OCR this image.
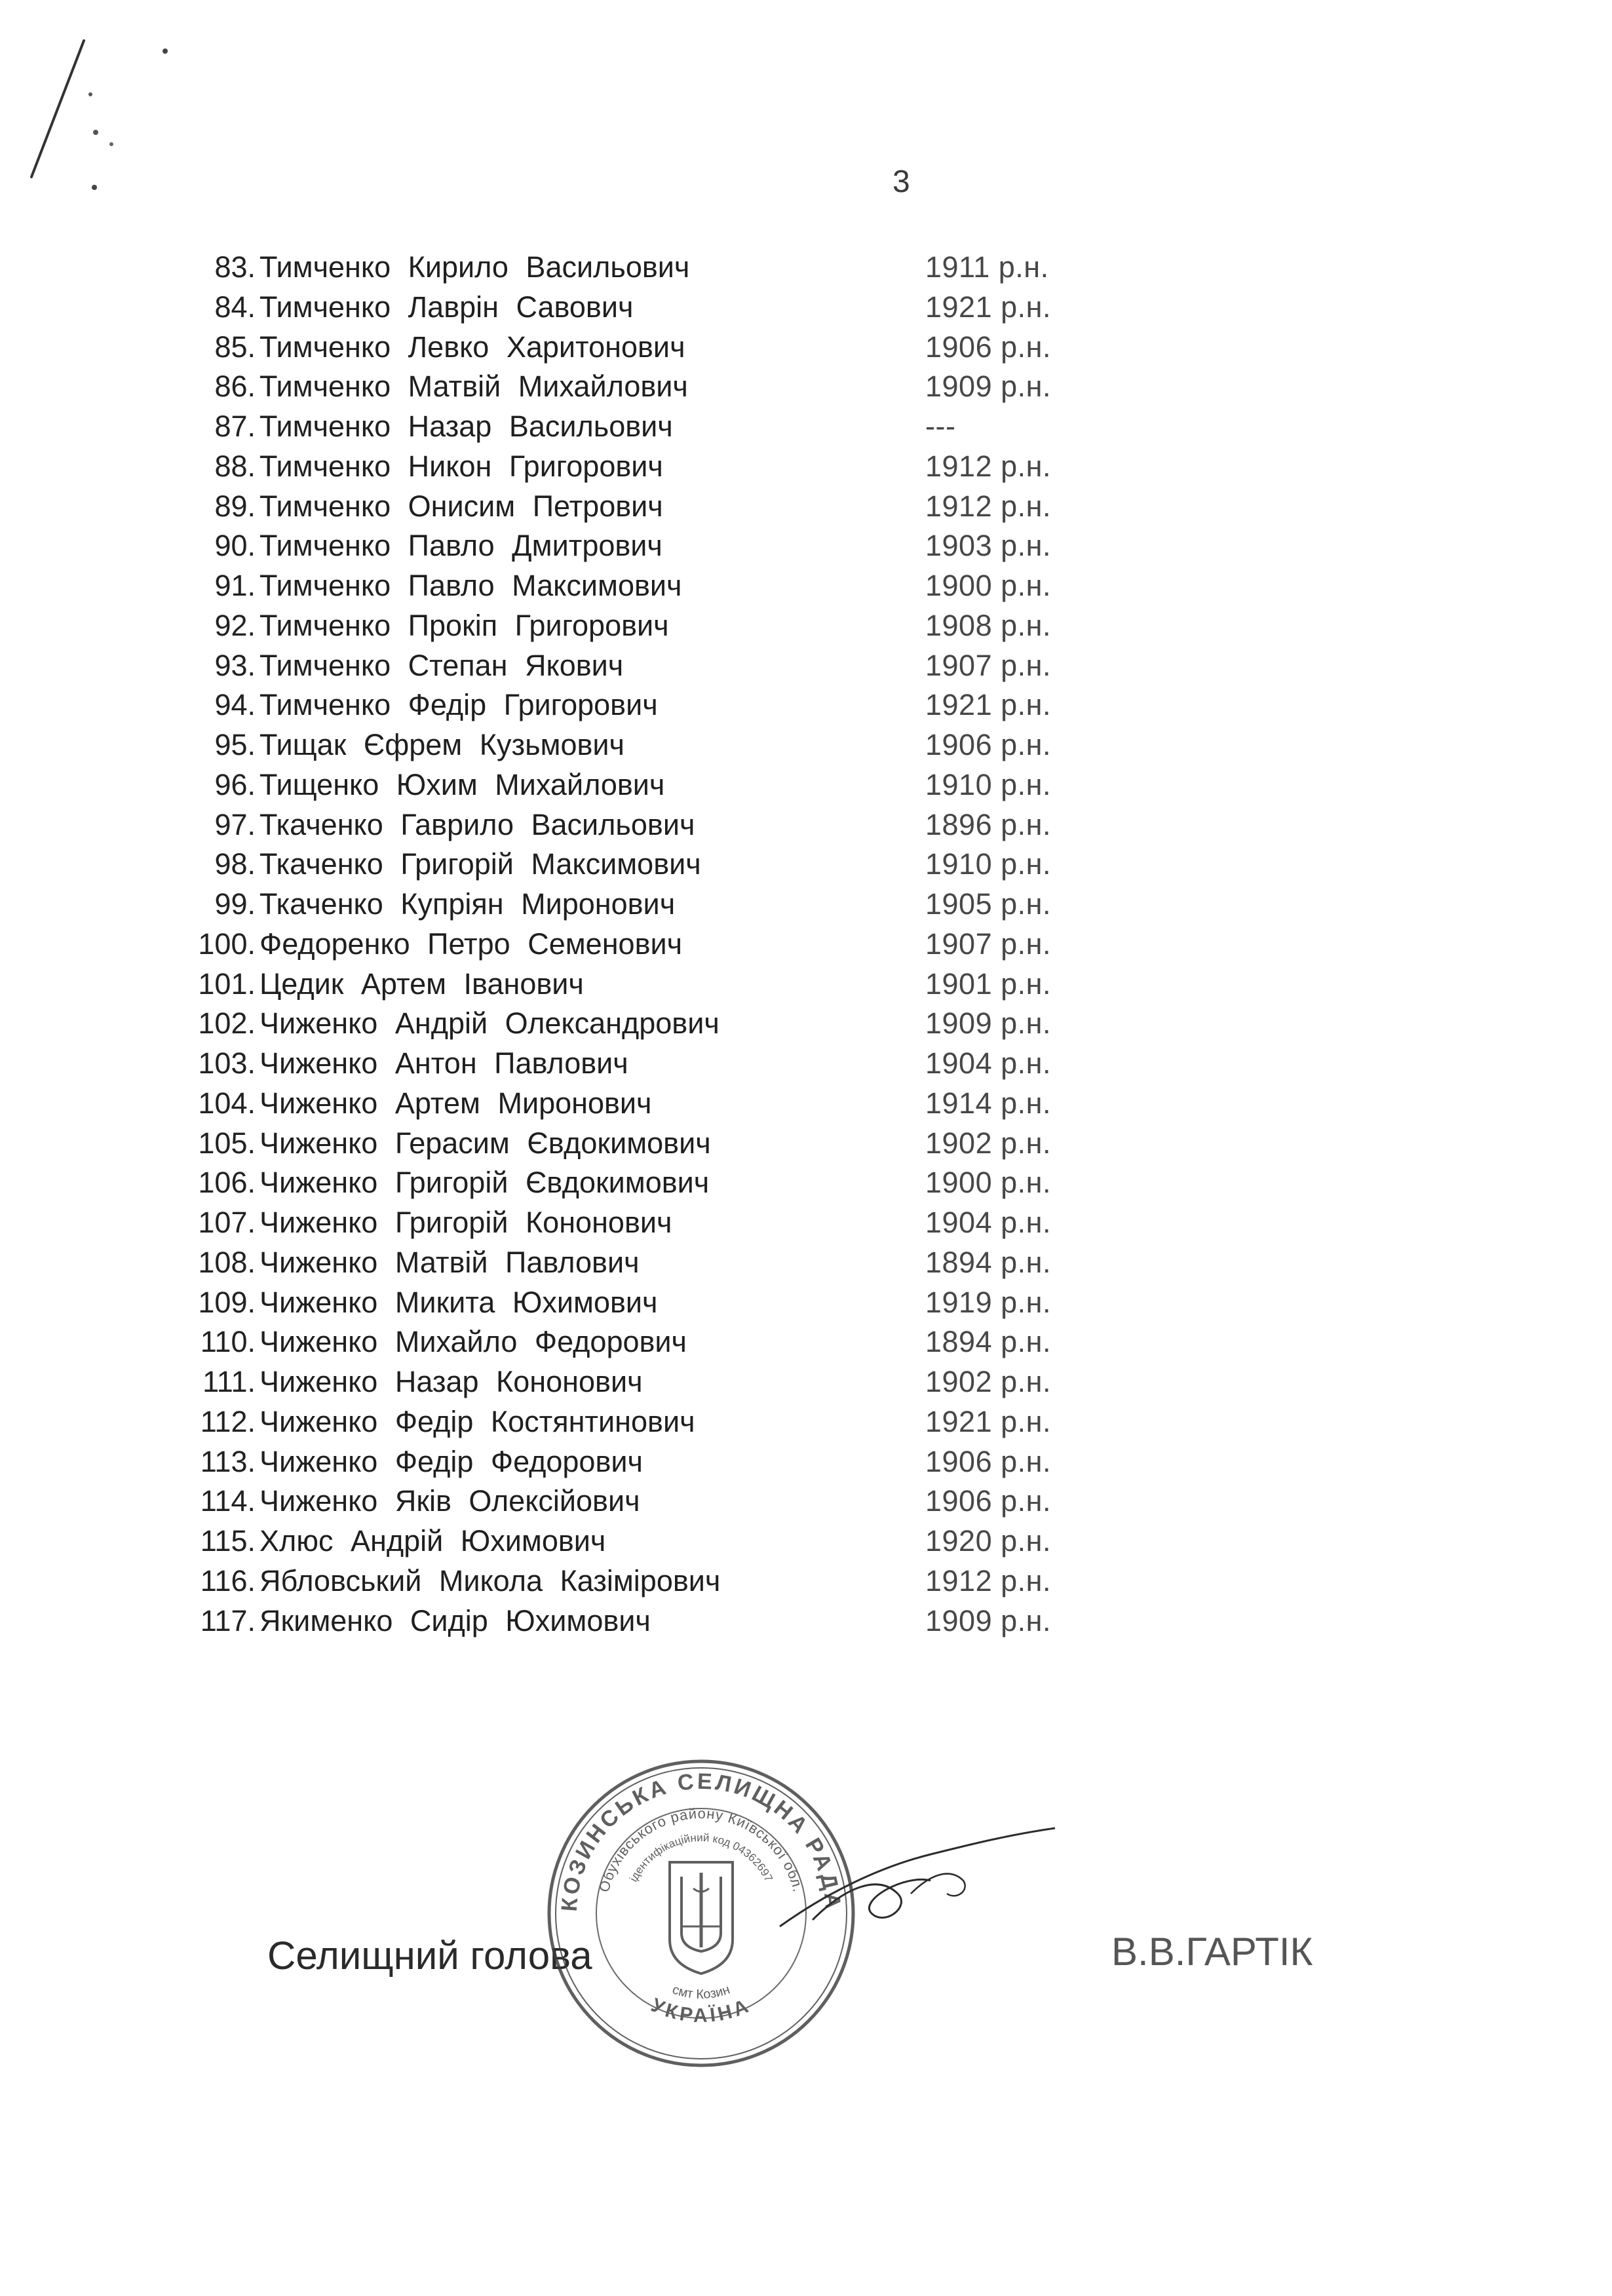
3
83. Тимченко Кирило Васильович	1911 р.н.
84. Тимченко Лаврін Савович	1921 р.н.
85. Тимченко Левко Харитонович	1906 р.н.
86. Тимченко Матвій Михайлович	1909 р.н.
87. Тимченко Назар Васильович	---
88. Тимченко Никон Григорович	1912 р.н.
89. Тимченко Онисим Петрович	1912 р.н.
90. Тимченко Павло Дмитрович	1903 р.н.
91. Тимченко Павло Максимович	1900 р.н.
92. Тимченко Прокіп Григорович	1908 р.н.
93. Тимченко Степан Якович	1907 р.н.
94. Тимченко Федір Григорович	1921 р.н.
95. Тищак Єфрем Кузьмович	1906 р.н.
96. Тищенко Юхим Михайлович	1910 р.н.
97. Ткаченко Гаврило Васильович	1896 р.н.
98. Ткаченко Григорій Максимович	1910 р.н.
99. Ткаченко Купріян Миронович	1905 р.н.
100. Федоренко Петро Семенович	1907 р.н.
101. Цедик Артем Іванович	1901 р.н.
102. Чиженко Андрій Олександрович	1909 р.н.
103. Чиженко Антон Павлович	1904 р.н.
104. Чиженко Артем Миронович	1914 р.н.
105. Чиженко Герасим Євдокимович	1902 р.н.
106. Чиженко Григорій Євдокимович	1900 р.н.
107. Чиженко Григорій Кононович	1904 р.н.
108. Чиженко Матвій Павлович	1894 р.н.
109. Чиженко Микита Юхимович	1919 р.н.
110. Чиженко Михайло Федорович	1894 р.н.
111. Чиженко Назар Кононович	1902 р.н.
112. Чиженко Федір Костянтинович	1921 р.н.
113. Чиженко Федір Федорович	1906 р.н.
114. Чиженко Яків Олексійович	1906 р.н.
115. Хлюс Андрій Юхимович	1920 р.н.
116. Ябловський Микола Казімірович	1912 р.н.
117. Якименко Сидір Юхимович	1909 р.н.
Селищний голова
КОЗИНСЬКА СЕЛИЩНА РАДА
Обухівського району Київської обл.
ідентифікаційний код 04362697
УКРАЇНА
смт Козин
В.В.ГАРТІК
